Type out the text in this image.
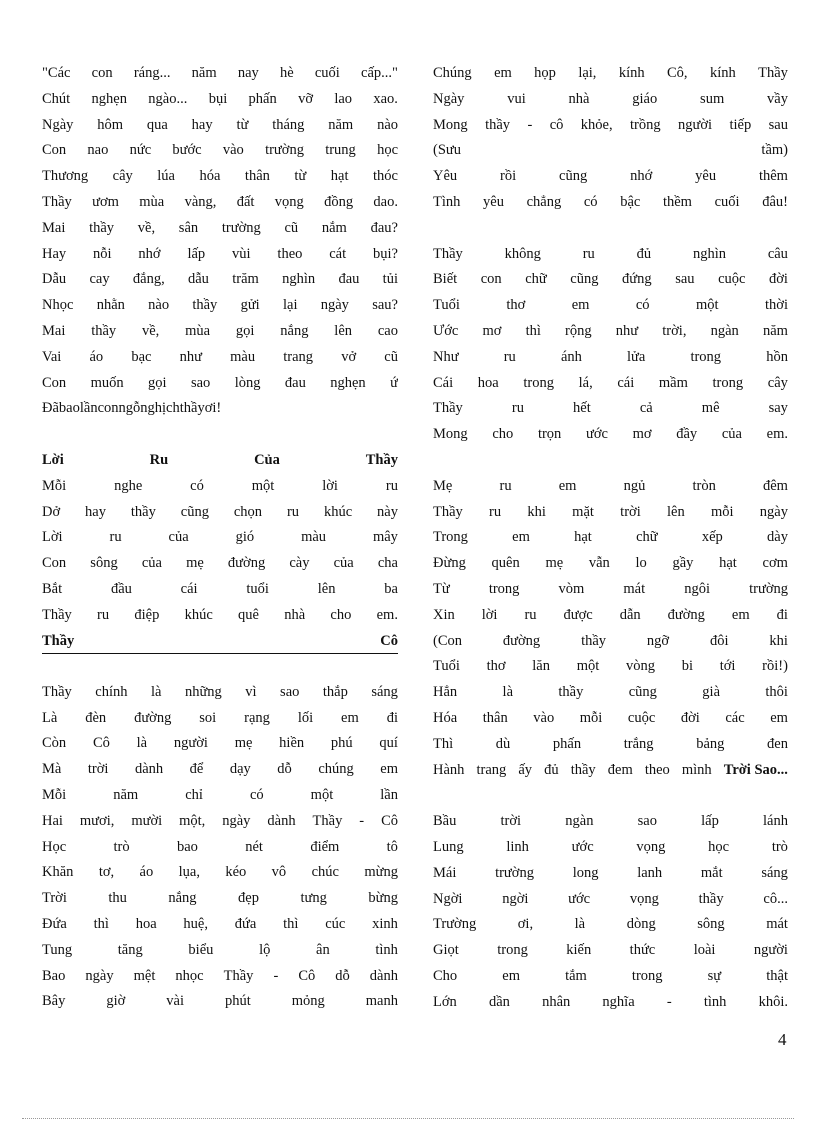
"Các con ráng... năm nay hè cuối cấp..."
Chút nghẹn ngào... bụi phấn vỡ lao xao.
Ngày hôm qua hay từ tháng năm nào
Con nao nức bước vào trường trung học
Thương cây lúa hóa thân từ hạt thóc
Thầy ươm mùa vàng, đất vọng đồng dao.
Mai thầy về, sân trường cũ nắm đau?
Hay nỗi nhớ lấp vùi theo cát bụi?
Dẫu cay đắng, dẫu trăm nghìn đau tủi
Nhọc nhằn nào thầy gửi lại ngày sau?
Mai thầy về, mùa gọi nắng lên cao
Vai áo bạc như màu trang vở cũ
Con muốn gọi sao lòng đau nghẹn ứ
Đã bao lần con ngỗ nghịch thầy ơi!
Lời	Ru	Của	Thầy
Mỗi	nghe	có	một	lời	ru
Dở hay thầy cũng chọn ru khúc này
Lời	ru	của	gió	màu	mây
Con sông của mẹ đường cày của cha
Bắt	đầu	cái	tuổi	lên	ba
Thầy ru điệp khúc quê nhà cho em.
Thầy	Cô
Thầy chính là những vì sao thắp sáng
Là đèn đường soi rạng lối em đi
Còn Cô là người mẹ hiền phú quí
Mà trời dành để dạy dỗ chúng em
Mỗi	năm	chỉ	có	một	lần
Hai mươi, mười một, ngày dành Thầy - Cô
Học	trò	bao	nét	điểm	tô
Khăn tơ, áo lụa, kéo vô chúc mừng
Trời	thu	nắng	đẹp	tưng	bừng
Đứa thì hoa huệ, đứa thì cúc xinh
Tung	tăng	biểu	lộ	ân	tình
Bao ngày mệt nhọc Thầy - Cô dỗ dành
Bây	giờ	vài	phút	mỏng	manh
Chúng em họp lại, kính Cô, kính Thầy
Ngày	vui	nhà	giáo	sum	vầy
Mong thầy - cô khỏe, trồng người tiếp sau
(Sưu	tầm)
Yêu	rồi	cũng	nhớ	yêu	thêm
Tình yêu chẳng có bậc thềm cuối đâu!
Thầy	không	ru	đủ	nghìn	câu
Biết con chữ cũng đứng sau cuộc đời
Tuổi	thơ	em	có	một	thời
Ước mơ thì rộng như trời, ngàn năm
Như	ru	ánh	lửa	trong	hồn
Cái hoa trong lá, cái mầm trong cây
Thầy	ru	hết	cả	mê	say
Mong cho trọn ước mơ đầy của em.
Mẹ	ru	em	ngủ	tròn	đêm
Thầy ru khi mặt trời lên mỗi ngày
Trong	em	hạt	chữ	xếp	dày
Đừng quên mẹ vẫn lo gầy hạt cơm
Từ	trong	vòm	mát	ngôi	trường
Xin lời ru được dẫn đường em đi
(Con	đường	thầy	ngỡ	đôi	khi
Tuổi thơ lăn một vòng bi tới rồi!)
Hẳn	là	thầy	cũng	già	thôi
Hóa thân vào mỗi cuộc đời các em
Thì	dù	phấn	trắng	bảng	đen
Hành trang ấy đủ thầy đem theo mình Trời Sao...
Bầu	trời	ngàn	sao	lấp	lánh
Lung	linh	ước	vọng	học	trò
Mái	trường	long	lanh	mắt	sáng
Ngời	ngời	ước	vọng	thầy	cô...
Trường	ơi,	là	dòng	sông	mát
Giọt	trong	kiến	thức	loài	người
Cho	em	tắm	trong	sự	thật
Lớn dần nhân nghĩa - tình khôi.
4
